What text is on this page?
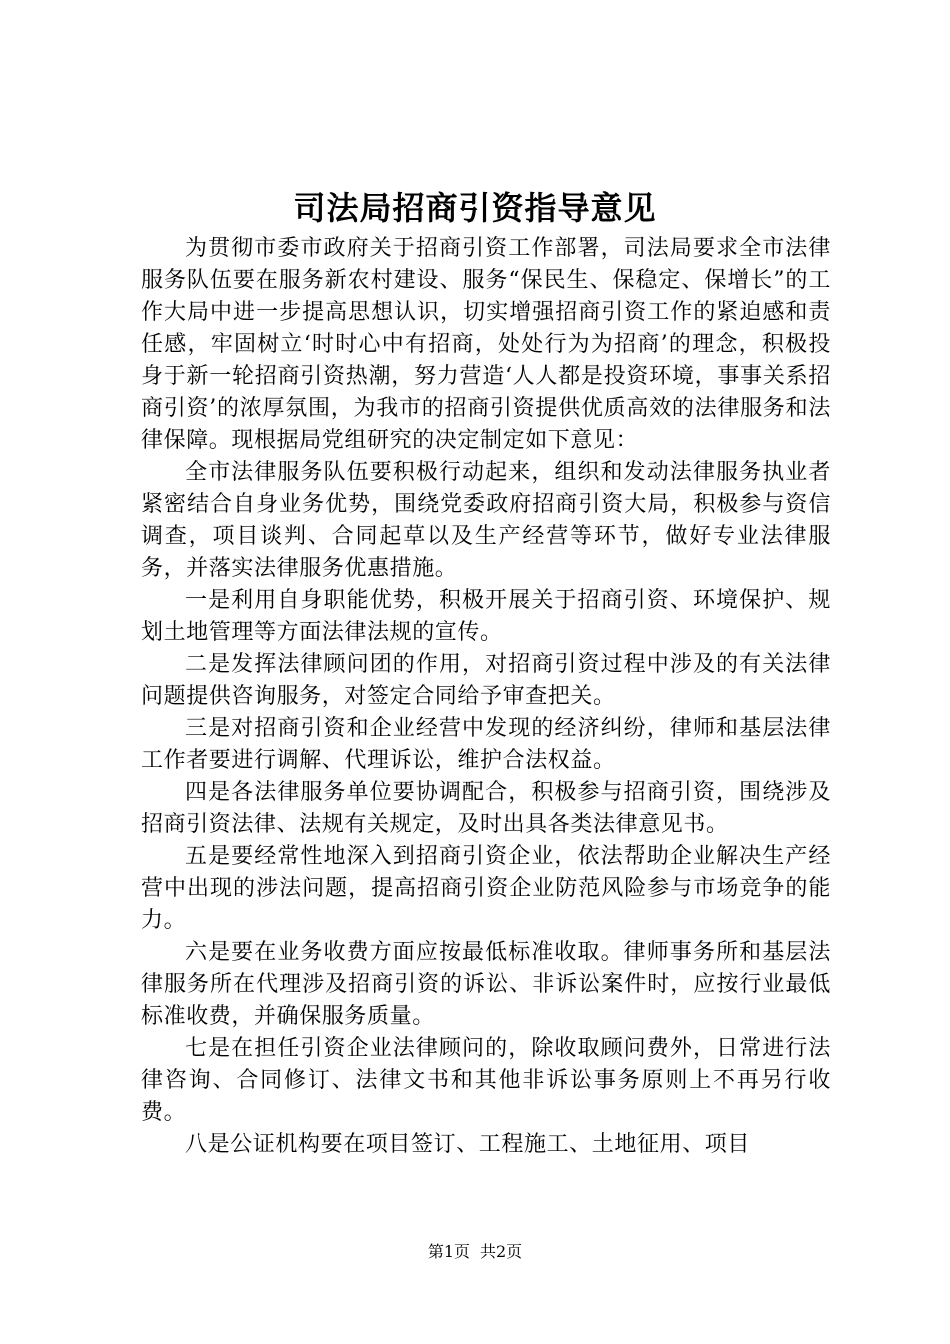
司法局招商引资指导意见

为贯彻市委市政府关于招商引资工作部署，司法局要求全市法律服务队伍要在服务新农村建设、服务“保民生、保稳定、保增长”的工作大局中进一步提高思想认识，切实增强招商引资工作的紧迫感和责任感，牢固树立‘时时心中有招商，处处行为为招商’的理念，积极投身于新一轮招商引资热潮，努力营造‘人人都是投资环境，事事关系招商引资’的浓厚氛围，为我市的招商引资提供优质高效的法律服务和法律保障。现根据局党组研究的决定制定如下意见：

全市法律服务队伍要积极行动起来，组织和发动法律服务执业者紧密结合自身业务优势，围绕党委政府招商引资大局，积极参与资信调查，项目谈判、合同起草以及生产经营等环节，做好专业法律服务，并落实法律服务优惠措施。

一是利用自身职能优势，积极开展关于招商引资、环境保护、规划土地管理等方面法律法规的宣传。

二是发挥法律顾问团的作用，对招商引资过程中涉及的有关法律问题提供咨询服务，对签定合同给予审查把关。

三是对招商引资和企业经营中发现的经济纠纷，律师和基层法律工作者要进行调解、代理诉讼，维护合法权益。

四是各法律服务单位要协调配合，积极参与招商引资，围绕涉及招商引资法律、法规有关规定，及时出具各类法律意见书。

五是要经常性地深入到招商引资企业，依法帮助企业解决生产经营中出现的涉法问题，提高招商引资企业防范风险参与市场竞争的能力。

六是要在业务收费方面应按最低标准收取。律师事务所和基层法律服务所在代理涉及招商引资的诉讼、非诉讼案件时，应按行业最低标准收费，并确保服务质量。

七是在担任引资企业法律顾问的，除收取顾问费外，日常进行法律咨询、合同修订、法律文书和其他非诉讼事务原则上不再另行收费。

八是公证机构要在项目签订、工程施工、土地征用、项目

第1页 共2页
